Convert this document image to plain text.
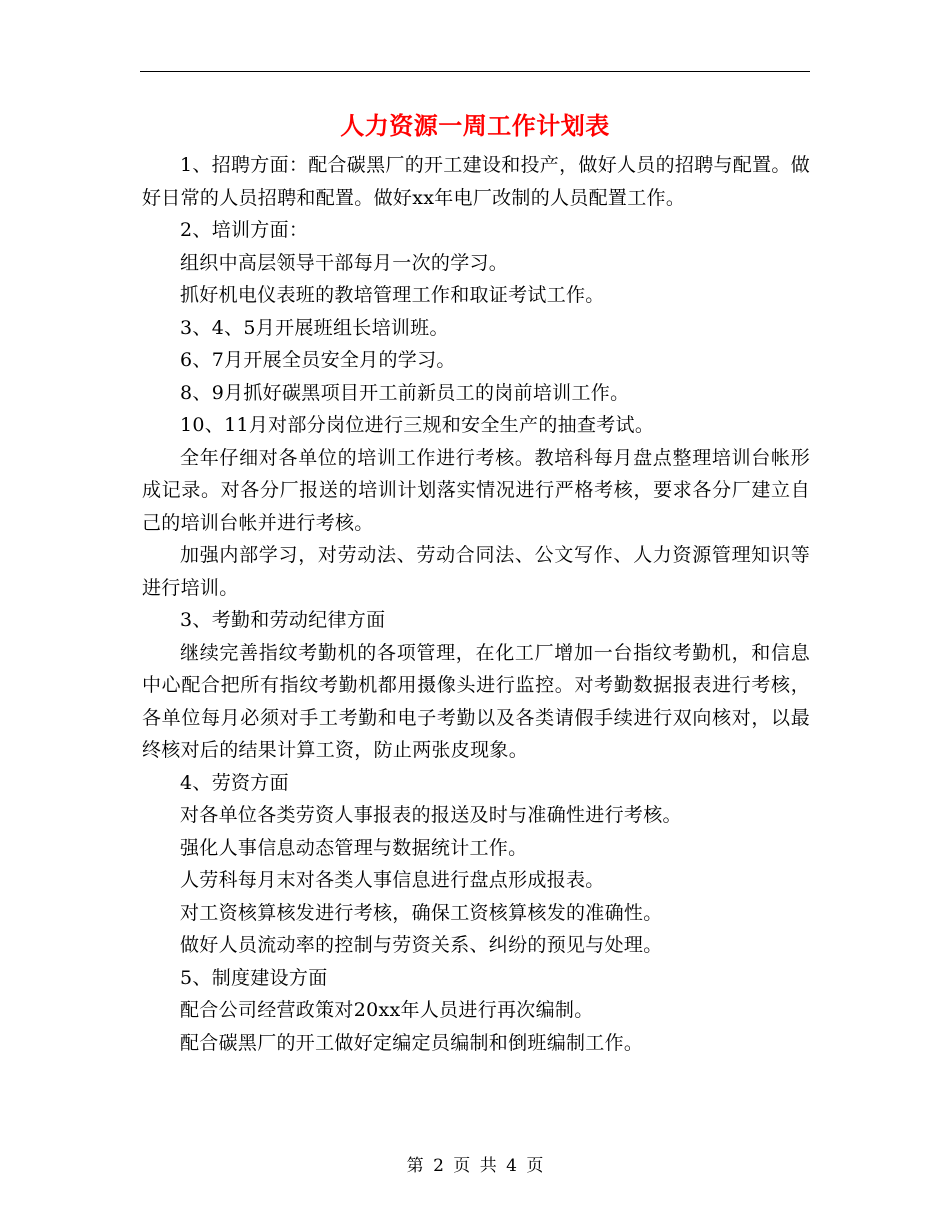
人力资源一周工作计划表

1、招聘方面：配合碳黑厂的开工建设和投产，做好人员的招聘与配置。做好日常的人员招聘和配置。做好xx年电厂改制的人员配置工作。

2、培训方面：

组织中高层领导干部每月一次的学习。

抓好机电仪表班的教培管理工作和取证考试工作。

3、4、5月开展班组长培训班。

6、7月开展全员安全月的学习。

8、9月抓好碳黑项目开工前新员工的岗前培训工作。

10、11月对部分岗位进行三规和安全生产的抽查考试。

全年仔细对各单位的培训工作进行考核。教培科每月盘点整理培训台帐形成记录。对各分厂报送的培训计划落实情况进行严格考核，要求各分厂建立自己的培训台帐并进行考核。

加强内部学习，对劳动法、劳动合同法、公文写作、人力资源管理知识等进行培训。

3、考勤和劳动纪律方面

继续完善指纹考勤机的各项管理，在化工厂增加一台指纹考勤机，和信息中心配合把所有指纹考勤机都用摄像头进行监控。对考勤数据报表进行考核，各单位每月必须对手工考勤和电子考勤以及各类请假手续进行双向核对，以最终核对后的结果计算工资，防止两张皮现象。

4、劳资方面

对各单位各类劳资人事报表的报送及时与准确性进行考核。

强化人事信息动态管理与数据统计工作。

人劳科每月末对各类人事信息进行盘点形成报表。

对工资核算核发进行考核，确保工资核算核发的准确性。

做好人员流动率的控制与劳资关系、纠纷的预见与处理。

5、制度建设方面

配合公司经营政策对20xx年人员进行再次编制。

配合碳黑厂的开工做好定编定员编制和倒班编制工作。

第 2 页 共 4 页
